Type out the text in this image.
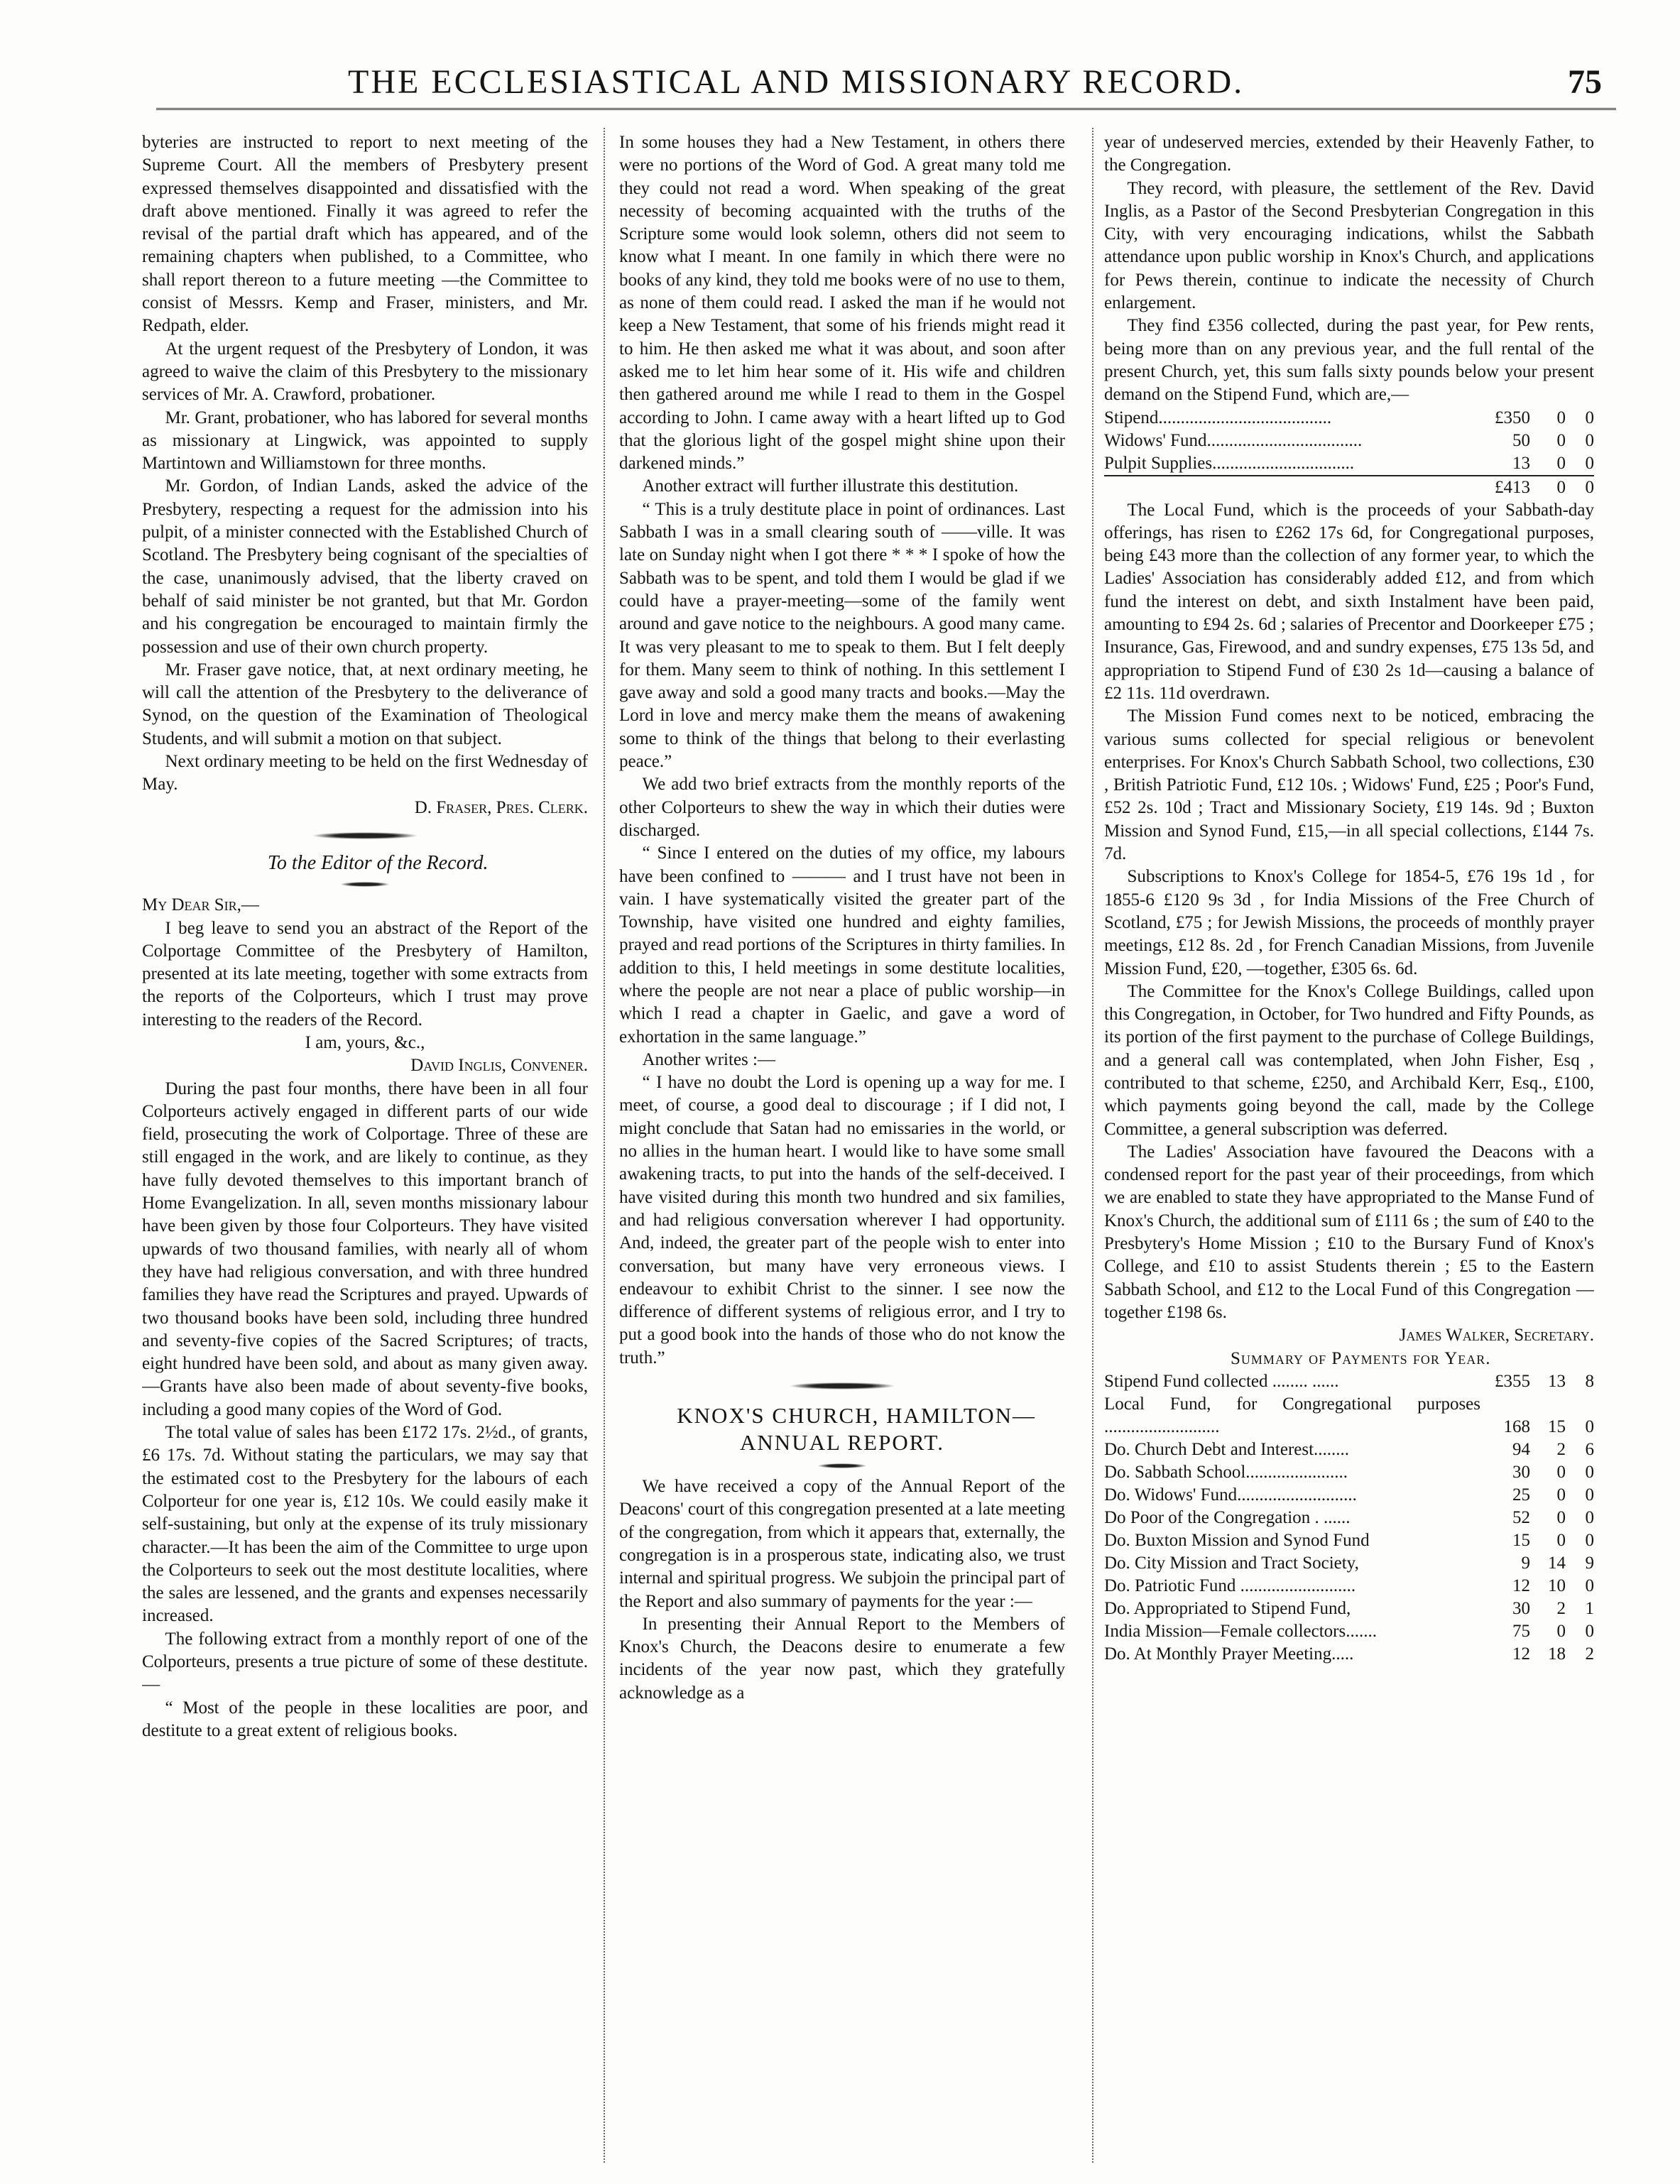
THE ECCLESIASTICAL AND MISSIONARY RECORD.	75

byteries are instructed to report to next meeting of the Supreme Court. All the members of Presbytery present expressed themselves disappointed and dissatisfied with the draft above mentioned. Finally it was agreed to refer the revisal of the partial draft which has appeared, and of the remaining chapters when published, to a Committee, who shall report thereon to a future meeting —the Committee to consist of Messrs. Kemp and Fraser, ministers, and Mr. Redpath, elder.

At the urgent request of the Presbytery of London, it was agreed to waive the claim of this Presbytery to the missionary services of Mr. A. Crawford, probationer.

Mr. Grant, probationer, who has labored for several months as missionary at Lingwick, was appointed to supply Martintown and Williamstown for three months.

Mr. Gordon, of Indian Lands, asked the advice of the Presbytery, respecting a request for the admission into his pulpit, of a minister connected with the Established Church of Scotland. The Presbytery being cognisant of the specialties of the case, unanimously advised, that the liberty craved on behalf of said minister be not granted, but that Mr. Gordon and his congregation be encouraged to maintain firmly the possession and use of their own church property.

Mr. Fraser gave notice, that, at next ordinary meeting, he will call the attention of the Presbytery to the deliverance of Synod, on the question of the Examination of Theological Students, and will submit a motion on that subject.

Next ordinary meeting to be held on the first Wednesday of May.

D. Fraser, Pres. Clerk.

To the Editor of the Record.

My Dear Sir,—

I beg leave to send you an abstract of the Report of the Colportage Committee of the Presbytery of Hamilton, presented at its late meeting, together with some extracts from the reports of the Colporteurs, which I trust may prove interesting to the readers of the Record.

I am, yours, &c.,

David Inglis, Convener.

During the past four months, there have been in all four Colporteurs actively engaged in different parts of our wide field, prosecuting the work of Colportage. Three of these are still engaged in the work, and are likely to continue, as they have fully devoted themselves to this important branch of Home Evangelization. In all, seven months missionary labour have been given by those four Colporteurs. They have visited upwards of two thousand families, with nearly all of whom they have had religious conversation, and with three hundred families they have read the Scriptures and prayed. Upwards of two thousand books have been sold, including three hundred and seventy-five copies of the Sacred Scriptures; of tracts, eight hundred have been sold, and about as many given away.—Grants have also been made of about seventy-five books, including a good many copies of the Word of God.

The total value of sales has been £172 17s. 2½d., of grants, £6 17s. 7d. Without stating the particulars, we may say that the estimated cost to the Presbytery for the labours of each Colporteur for one year is, £12 10s. We could easily make it self-sustaining, but only at the expense of its truly missionary character.—It has been the aim of the Committee to urge upon the Colporteurs to seek out the most destitute localities, where the sales are lessened, and the grants and expenses necessarily increased.

The following extract from a monthly report of one of the Colporteurs, presents a true picture of some of these destitute.—

“ Most of the people in these localities are poor, and destitute to a great extent of religious books.

In some houses they had a New Testament, in others there were no portions of the Word of God. A great many told me they could not read a word. When speaking of the great necessity of becoming acquainted with the truths of the Scripture some would look solemn, others did not seem to know what I meant. In one family in which there were no books of any kind, they told me books were of no use to them, as none of them could read. I asked the man if he would not keep a New Testament, that some of his friends might read it to him. He then asked me what it was about, and soon after asked me to let him hear some of it. His wife and children then gathered around me while I read to them in the Gospel according to John. I came away with a heart lifted up to God that the glorious light of the gospel might shine upon their darkened minds.”

Another extract will further illustrate this destitution.

“ This is a truly destitute place in point of ordinances. Last Sabbath I was in a small clearing south of ——ville. It was late on Sunday night when I got there * * * I spoke of how the Sabbath was to be spent, and told them I would be glad if we could have a prayer-meeting—some of the family went around and gave notice to the neighbours. A good many came. It was very pleasant to me to speak to them. But I felt deeply for them. Many seem to think of nothing. In this settlement I gave away and sold a good many tracts and books.—May the Lord in love and mercy make them the means of awakening some to think of the things that belong to their everlasting peace.”

We add two brief extracts from the monthly reports of the other Colporteurs to shew the way in which their duties were discharged.

“ Since I entered on the duties of my office, my labours have been confined to ——— and I trust have not been in vain. I have systematically visited the greater part of the Township, have visited one hundred and eighty families, prayed and read portions of the Scriptures in thirty families. In addition to this, I held meetings in some destitute localities, where the people are not near a place of public worship—in which I read a chapter in Gaelic, and gave a word of exhortation in the same language.”

Another writes :—

“ I have no doubt the Lord is opening up a way for me. I meet, of course, a good deal to discourage ; if I did not, I might conclude that Satan had no emissaries in the world, or no allies in the human heart. I would like to have some small awakening tracts, to put into the hands of the self-deceived. I have visited during this month two hundred and six families, and had religious conversation wherever I had opportunity. And, indeed, the greater part of the people wish to enter into conversation, but many have very erroneous views. I endeavour to exhibit Christ to the sinner. I see now the difference of different systems of religious error, and I try to put a good book into the hands of those who do not know the truth.”

KNOX'S CHURCH, HAMILTON—ANNUAL REPORT.

We have received a copy of the Annual Report of the Deacons' court of this congregation presented at a late meeting of the congregation, from which it appears that, externally, the congregation is in a prosperous state, indicating also, we trust internal and spiritual progress. We subjoin the principal part of the Report and also summary of payments for the year :—

In presenting their Annual Report to the Members of Knox's Church, the Deacons desire to enumerate a few incidents of the year now past, which they gratefully acknowledge as a

year of undeserved mercies, extended by their Heavenly Father, to the Congregation.

They record, with pleasure, the settlement of the Rev. David Inglis, as a Pastor of the Second Presbyterian Congregation in this City, with very encouraging indications, whilst the Sabbath attendance upon public worship in Knox's Church, and applications for Pews therein, continue to indicate the necessity of Church enlargement.

They find £356 collected, during the past year, for Pew rents, being more than on any previous year, and the full rental of the present Church, yet, this sum falls sixty pounds below your present demand on the Stipend Fund, which are,—

Stipend.......................................	£350	0	0
Widows' Fund...................................	50	0	0
Pulpit Supplies................................	13	0	0
	£413	0	0

The Local Fund, which is the proceeds of your Sabbath-day offerings, has risen to £262 17s 6d, for Congregational purposes, being £43 more than the collection of any former year, to which the Ladies' Association has considerably added £12, and from which fund the interest on debt, and sixth Instalment have been paid, amounting to £94 2s. 6d ; salaries of Precentor and Doorkeeper £75 ; Insurance, Gas, Firewood, and and sundry expenses, £75 13s 5d, and appropriation to Stipend Fund of £30 2s 1d—causing a balance of £2 11s. 11d overdrawn.

The Mission Fund comes next to be noticed, embracing the various sums collected for special religious or benevolent enterprises. For Knox's Church Sabbath School, two collections, £30 , British Patriotic Fund, £12 10s. ; Widows' Fund, £25 ; Poor's Fund, £52 2s. 10d ; Tract and Missionary Society, £19 14s. 9d ; Buxton Mission and Synod Fund, £15,—in all special collections, £144 7s. 7d.

Subscriptions to Knox's College for 1854-5, £76 19s 1d , for 1855-6 £120 9s 3d , for India Missions of the Free Church of Scotland, £75 ; for Jewish Missions, the proceeds of monthly prayer meetings, £12 8s. 2d , for French Canadian Missions, from Juvenile Mission Fund, £20, —together, £305 6s. 6d.

The Committee for the Knox's College Buildings, called upon this Congregation, in October, for Two hundred and Fifty Pounds, as its portion of the first payment to the purchase of College Buildings, and a general call was contemplated, when John Fisher, Esq , contributed to that scheme, £250, and Archibald Kerr, Esq., £100, which payments going beyond the call, made by the College Committee, a general subscription was deferred.

The Ladies' Association have favoured the Deacons with a condensed report for the past year of their proceedings, from which we are enabled to state they have appropriated to the Manse Fund of Knox's Church, the additional sum of £111 6s ; the sum of £40 to the Presbytery's Home Mission ; £10 to the Bursary Fund of Knox's College, and £10 to assist Students therein ; £5 to the Eastern Sabbath School, and £12 to the Local Fund of this Congregation —together £198 6s.

James Walker, Secretary.

Summary of Payments for Year.

Stipend Fund collected ........ ......	£355	13	8
Local Fund, for Congregational purposes ..........................	168	15	0
Do. Church Debt and Interest........	94	2	6
Do. Sabbath School.......................	30	0	0
Do. Widows' Fund...........................	25	0	0
Do Poor of the Congregation . ......	52	0	0
Do. Buxton Mission and Synod Fund	15	0	0
Do. City Mission and Tract Society,	9	14	9
Do. Patriotic Fund ..........................	12	10	0
Do. Appropriated to Stipend Fund,	30	2	1
India Mission—Female collectors.......	75	0	0
Do. At Monthly Prayer Meeting.....	12	18	2
